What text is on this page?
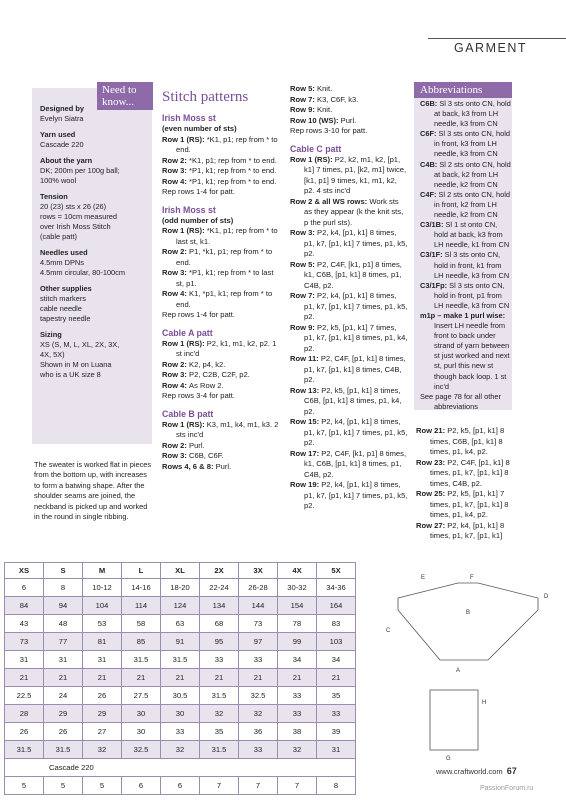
GARMENT
Need to know...
Designed by
Evelyn Siatra
Yarn used
Cascade 220
About the yarn
DK; 200m per 100g ball;
100% wool
Tension
20 (23) sts x 26 (26)
rows = 10cm measured
over Irish Moss Stitch
(cable patt)
Needles used
4.5mm DPNs
4.5mm circular, 80-100cm
Other supplies
stitch markers
cable needle
tapestry needle
Sizing
XS (S, M, L, XL, 2X, 3X,
4X, 5X)
Shown in M on Luana
who is a UK size 8
The sweater is worked flat in pieces from the bottom up, with increases to form a batwing shape. After the shoulder seams are joined, the neckband is picked up and worked in the round in single ribbing.
Stitch patterns
Irish Moss st
(even number of sts)
Row 1 (RS): *K1, p1; rep from * to end.
Row 2: *K1, p1; rep from * to end.
Row 3: *P1, k1; rep from * to end.
Row 4: *P1, k1; rep from * to end.
Rep rows 1-4 for patt.
Irish Moss st
(odd number of sts)
Row 1 (RS): *K1, p1; rep from * to last st, k1.
Row 2: P1, *k1, p1; rep from * to end.
Row 3: *P1, k1; rep from * to last st, p1.
Row 4: K1, *p1, k1; rep from * to end.
Rep rows 1-4 for patt.
Cable A patt
Row 1 (RS): P2, k1, m1, k2, p2. 1 st inc'd
Row 2: K2, p4, k2.
Row 3: P2, C2B, C2F, p2.
Row 4: As Row 2.
Rep rows 3-4 for patt.
Cable B patt
Row 1 (RS): K3, m1, k4, m1, k3. 2 sts inc'd
Row 2: Purl.
Row 3: C6B, C6F.
Rows 4, 6 & 8: Purl.
Row 5: Knit.
Row 7: K3, C6F, k3.
Row 9: Knit.
Row 10 (WS): Purl.
Rep rows 3-10 for patt.
Cable C patt
Row 1 (RS): P2, k2, m1, k2, [p1, k1] 7 times, p1, [k2, m1] twice, [k1, p1] 9 times, k1, m1, k2, p2. 4 sts inc'd
Row 2 & all WS rows: Work sts as they appear (k the knit sts, p the purl sts).
Row 3: P2, k4, [p1, k1] 8 times, p1, k7, [p1, k1] 7 times, p1, k5, p2.
Row 5: P2, C4F, [k1, p1] 8 times, k1, C6B, [p1, k1] 8 times, p1, C4B, p2.
Row 7: P2, k4, [p1, k1] 8 times, p1, k7, [p1, k1] 7 times, p1, k5, p2.
Row 9: P2, k5, [p1, k1] 7 times, p1, k7, [p1, k1] 8 times, p1, k4, p2.
Row 11: P2, C4F, [p1, k1] 8 times, p1, k7, [p1, k1] 8 times, C4B, p2.
Row 13: P2, k5, [p1, k1] 8 times, C6B, [p1, k1] 8 times, p1, k4, p2.
Row 15: P2, k4, [p1, k1] 8 times, p1, k7, [p1, k1] 7 times, p1, k5, p2.
Row 17: P2, C4F, [k1, p1] 8 times, k1, C6B, [p1, k1] 8 times, p1, C4B, p2.
Row 19: P2, k4, [p1, k1] 8 times, p1, k7, [p1, k1] 7 times, p1, k5, p2.
Abbreviations
C6B: Sl 3 sts onto CN, hold at back, k3 from LH needle, k3 from CN
C6F: Sl 3 sts onto CN, hold in front, k3 from LH needle, k3 from CN
C4B: Sl 2 sts onto CN, hold at back, k2 from LH needle, k2 from CN
C4F: Sl 2 sts onto CN, hold in front, k2 from LH needle, k2 from CN
C3/1B: Sl 1 st onto CN, hold at back, k3 from LH needle, k1 from CN
C3/1F: Sl 3 sts onto CN, hold in front, k1 from LH needle, k3 from CN
C3/1Fp: Sl 3 sts onto CN, hold in front, p1 from LH needle, k3 from CN
m1p – make 1 purl wise: Insert LH needle from front to back under strand of yarn between st just worked and next st, purl this new st though back loop. 1 st inc'd
See page 78 for all other abbreviations
Row 21: P2, k5, [p1, k1] 8 times, C6B, [p1, k1] 8 times, p1, k4, p2.
Row 23: P2, C4F, [p1, k1] 8 times, p1, k7, [p1, k1] 8 times, C4B, p2.
Row 25: P2, k5, [p1, k1] 7 times, p1, k7, [p1, k1] 8 times, p1, k4, p2.
Row 27: P2, k4, [p1, k1] 8 times, p1, k7, [p1, k1]
XS	S	M	L	XL	2X	3X	4X	5X
6	8	10-12	14-16	18-20	22-24	26-28	30-32	34-36
84	94	104	114	124	134	144	154	164
43	48	53	58	63	68	73	78	83
73	77	81	85	91	95	97	99	103
31	31	31	31.5	31.5	33	33	34	34
21	21	21	21	21	21	21	21	21
22.5	24	26	27.5	30.5	31.5	32.5	33	35
28	29	29	30	30	32	32	33	33
26	26	27	30	33	35	36	38	39
31.5	31.5	32	32.5	32	31.5	33	32	31
Cascade 220								
5	5	5	6	6	7	7	7	8
E	F
D
B
C
A
H
G
www.craftworld.com 67
PassionForum.ru
